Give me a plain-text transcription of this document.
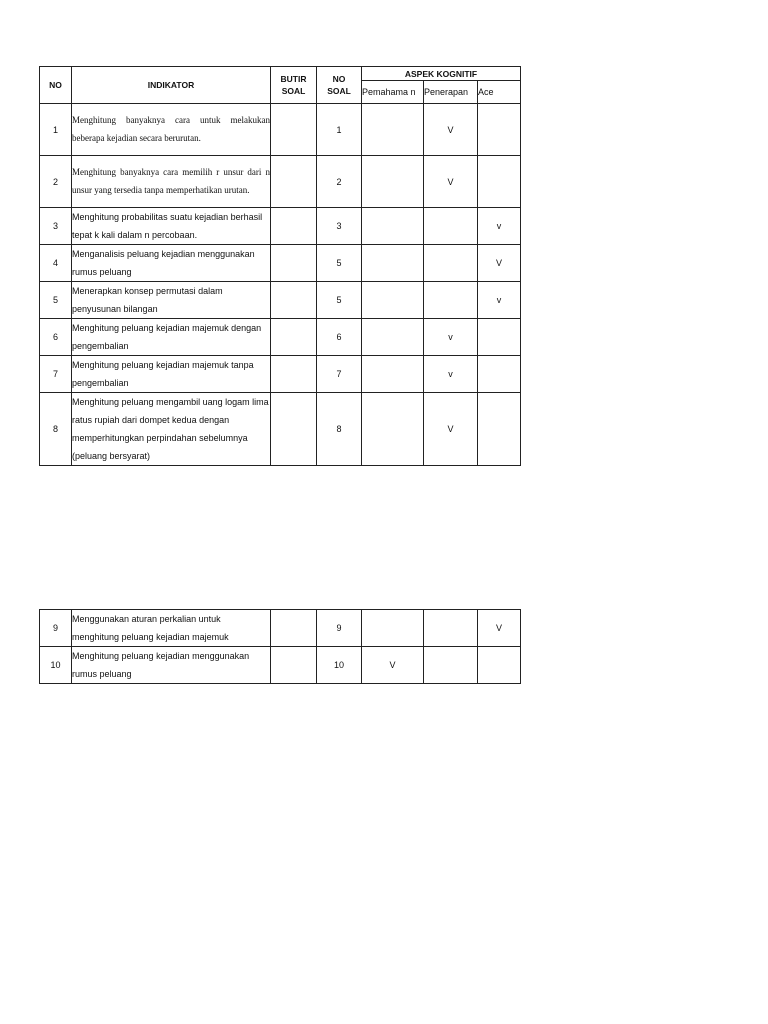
NO	INDIKATOR	BUTIR SOAL	NO SOAL	ASPEK KOGNITIF		
				Pemahama n	Penerapan	Ace
1	Menghitung banyaknya cara untuk melakukan beberapa kejadian secara berurutan.		1		V	
2	Menghitung banyaknya cara memilih r unsur dari n unsur yang tersedia tanpa memperhatikan urutan.		2		V	
3	Menghitung probabilitas suatu kejadian berhasil tepat k kali dalam n percobaan.		3			v
4	Menganalisis peluang kejadian menggunakan rumus peluang		5			V
5	Menerapkan konsep permutasi dalam penyusunan bilangan		5			v
6	Menghitung peluang kejadian majemuk dengan pengembalian		6		v	
7	Menghitung peluang kejadian majemuk tanpa pengembalian		7		v	
8	Menghitung peluang mengambil uang logam lima ratus rupiah dari dompet kedua dengan memperhitungkan perpindahan sebelumnya (peluang bersyarat)		8		V	
9	Menggunakan aturan perkalian untuk menghitung peluang kejadian majemuk		9			V
10	Menghitung peluang kejadian menggunakan rumus peluang		10	V		
